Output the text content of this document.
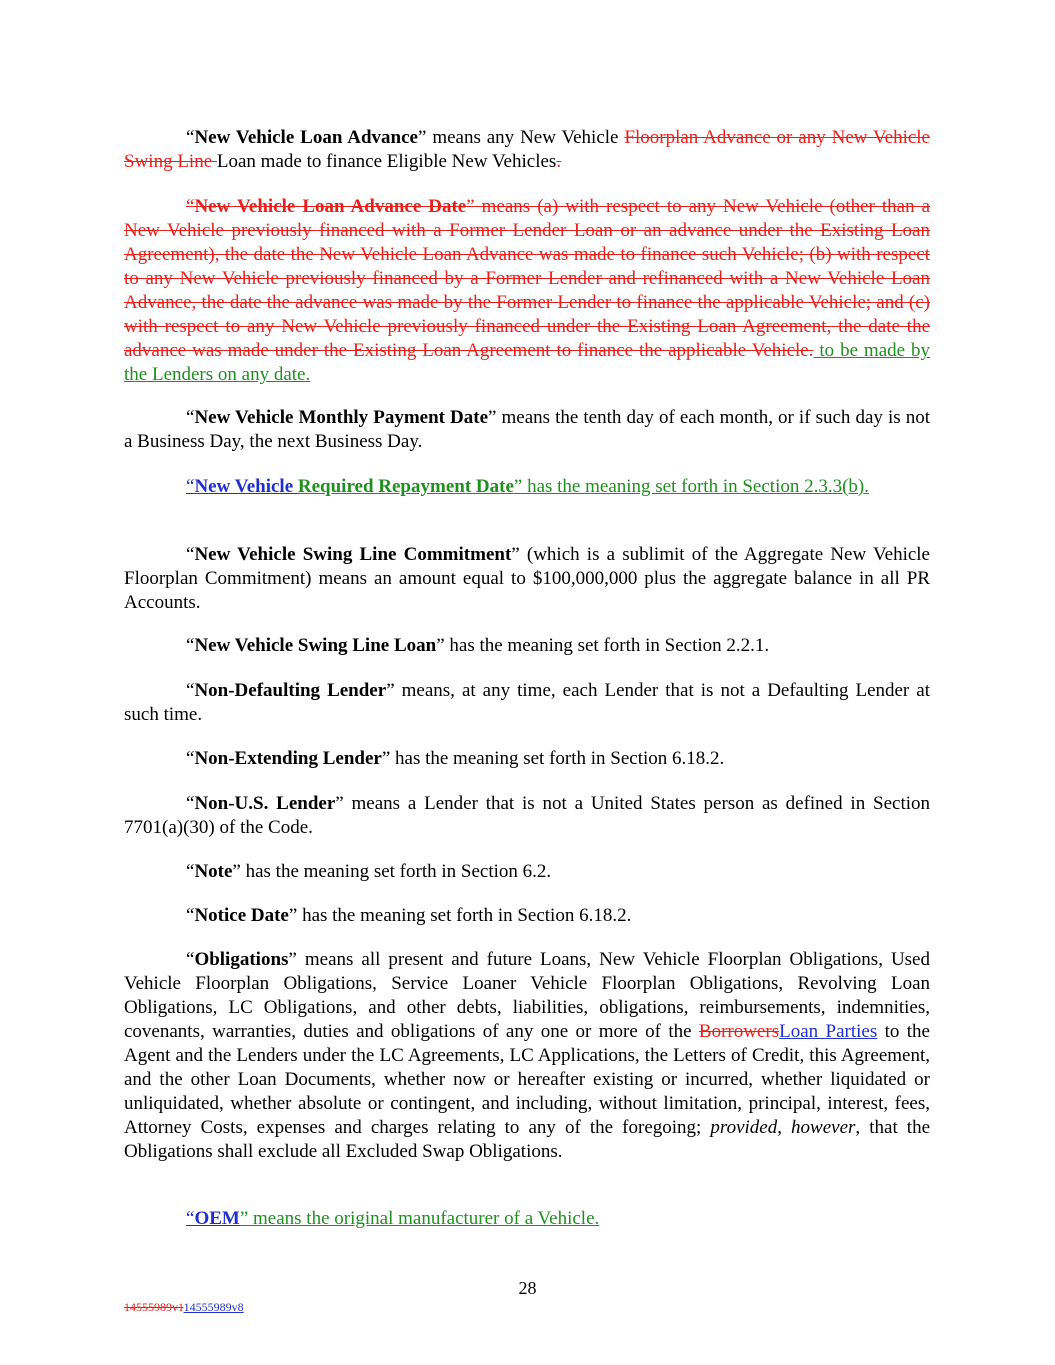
“New Vehicle Loan Advance” means any New Vehicle Floorplan Advance or any New Vehicle Swing Line Loan made to finance Eligible New Vehicles.

“New Vehicle Loan Advance Date” means (a) with respect to any New Vehicle (other than a New Vehicle previously financed with a Former Lender Loan or an advance under the Existing Loan Agreement), the date the New Vehicle Loan Advance was made to finance such Vehicle; (b) with respect to any New Vehicle previously financed by a Former Lender and refinanced with a New Vehicle Loan Advance, the date the advance was made by the Former Lender to finance the applicable Vehicle; and (c) with respect to any New Vehicle previously financed under the Existing Loan Agreement, the date the advance was made under the Existing Loan Agreement to finance the applicable Vehicle. to be made by the Lenders on any date.

“New Vehicle Monthly Payment Date” means the tenth day of each month, or if such day is not a Business Day, the next Business Day.

“New Vehicle Required Repayment Date” has the meaning set forth in Section 2.3.3(b).

“New Vehicle Swing Line Commitment” (which is a sublimit of the Aggregate New Vehicle Floorplan Commitment) means an amount equal to $100,000,000 plus the aggregate balance in all PR Accounts.

“New Vehicle Swing Line Loan” has the meaning set forth in Section 2.2.1.

“Non-Defaulting Lender” means, at any time, each Lender that is not a Defaulting Lender at such time.

“Non-Extending Lender” has the meaning set forth in Section 6.18.2.

“Non-U.S. Lender” means a Lender that is not a United States person as defined in Section 7701(a)(30) of the Code.

“Note” has the meaning set forth in Section 6.2.

“Notice Date” has the meaning set forth in Section 6.18.2.

“Obligations” means all present and future Loans, New Vehicle Floorplan Obligations, Used Vehicle Floorplan Obligations, Service Loaner Vehicle Floorplan Obligations, Revolving Loan Obligations, LC Obligations, and other debts, liabilities, obligations, reimbursements, indemnities, covenants, warranties, duties and obligations of any one or more of the BorrowersLoan Parties to the Agent and the Lenders under the LC Agreements, LC Applications, the Letters of Credit, this Agreement, and the other Loan Documents, whether now or hereafter existing or incurred, whether liquidated or unliquidated, whether absolute or contingent, and including, without limitation, principal, interest, fees, Attorney Costs, expenses and charges relating to any of the foregoing; provided, however, that the Obligations shall exclude all Excluded Swap Obligations.

“OEM” means the original manufacturer of a Vehicle.

28
14555989v114555989v8
